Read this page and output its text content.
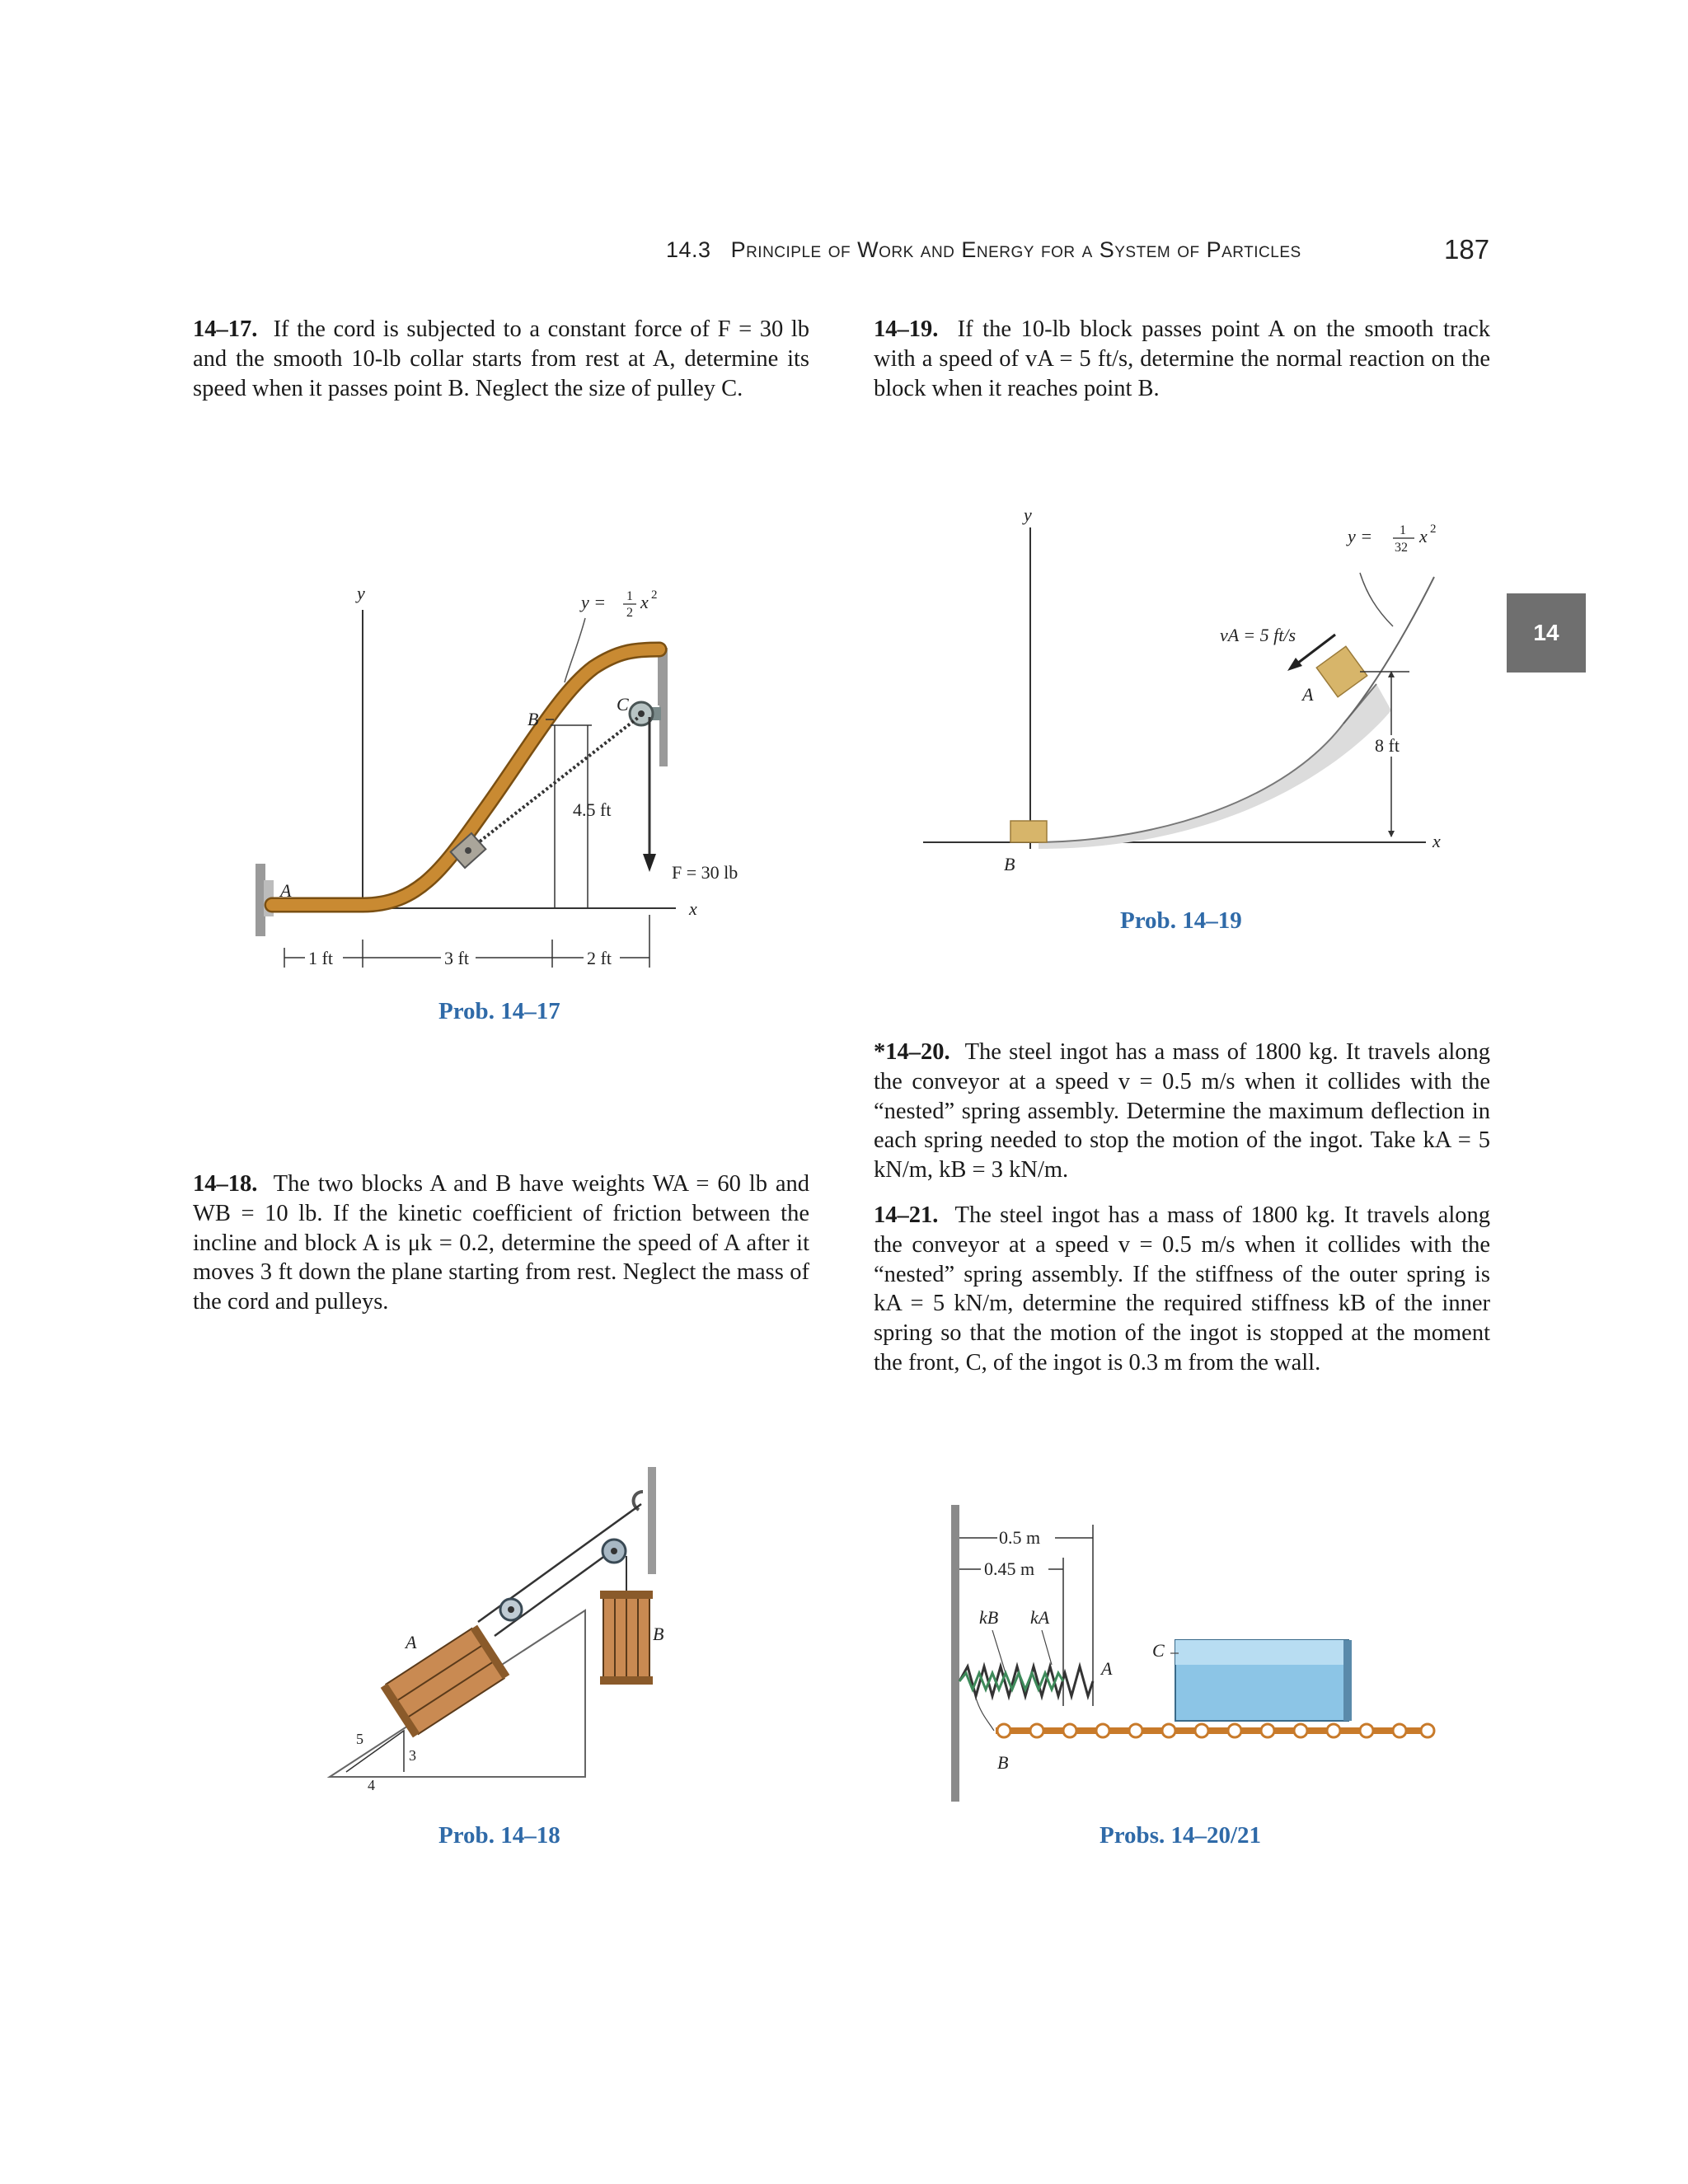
14.3 Principle of Work and Energy for a System of Particles	187
14
14–17. If the cord is subjected to a constant force of F = 30 lb and the smooth 10-lb collar starts from rest at A, determine its speed when it passes point B. Neglect the size of pulley C.
14–19. If the 10-lb block passes point A on the smooth track with a speed of vA = 5 ft/s, determine the normal reaction on the block when it reaches point B.
y
x
y = 1
2
x 2
C
F = 30 lb
B
4.5 ft
1 ft	3 ft	2 ft
A
Prob. 14–17
y
x
A
B
vA = 5 ft/s
y = 1
32
x 2
8 ft
Prob. 14–19
*14–20. The steel ingot has a mass of 1800 kg. It travels along the conveyor at a speed v = 0.5 m/s when it collides with the “nested” spring assembly. Determine the maximum deflection in each spring needed to stop the motion of the ingot. Take kA = 5 kN/m, kB = 3 kN/m.
14–18. The two blocks A and B have weights WA = 60 lb and WB = 10 lb. If the kinetic coefficient of friction between the incline and block A is μk = 0.2, determine the speed of A after it moves 3 ft down the plane starting from rest. Neglect the mass of the cord and pulleys.
14–21. The steel ingot has a mass of 1800 kg. It travels along the conveyor at a speed v = 0.5 m/s when it collides with the “nested” spring assembly. If the stiffness of the outer spring is kA = 5 kN/m, determine the required stiffness kB of the inner spring so that the motion of the ingot is stopped at the moment the front, C, of the ingot is 0.3 m from the wall.
A	B
5
3
4
Prob. 14–18
0.5 m
0.45 m
kB kA
A
B
C
Probs. 14–20/21
